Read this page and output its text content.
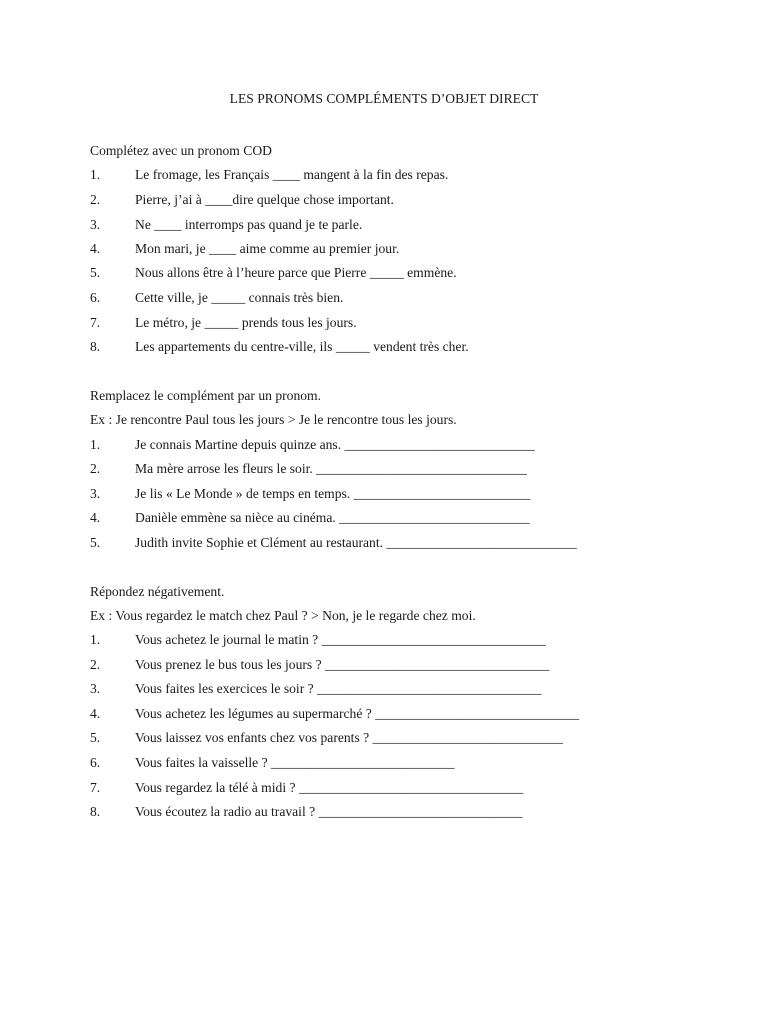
LES PRONOMS COMPLÉMENTS D’OBJET DIRECT
Complétez avec un pronom COD
1.	Le fromage, les Français ____ mangent à la fin des repas.
2.	Pierre, j’ai à ____dire quelque chose important.
3.	Ne ____ interromps pas quand je te parle.
4.	Mon mari, je ____ aime comme au premier jour.
5.	Nous allons être à l’heure parce que Pierre _____ emmène.
6.	Cette ville, je _____ connais très bien.
7.	Le métro, je _____ prends tous les jours.
8.	Les appartements du centre-ville, ils _____ vendent très cher.
Remplacez le complément par un pronom.
Ex : Je rencontre Paul tous les jours > Je le rencontre tous les jours.
1.	Je connais Martine depuis quinze ans. ____________________________
2.	Ma mère arrose les fleurs le soir. _______________________________
3.	Je lis « Le Monde » de temps en temps. __________________________
4.	Danièle emmène sa nièce au cinéma. ____________________________
5.	Judith invite Sophie et Clément au restaurant. ____________________________
Répondez négativement.
Ex : Vous regardez le match chez Paul ? > Non, je le regarde chez moi.
1.	Vous achetez le journal le matin ? _________________________________
2.	Vous prenez le bus tous les jours ? _________________________________
3.	Vous faites les exercices le soir ? _________________________________
4.	Vous achetez les légumes au supermarché ? ______________________________
5.	Vous laissez vos enfants chez vos parents ? ____________________________
6.	Vous faites la vaisselle ? ___________________________
7.	Vous regardez la télé à midi ? _________________________________
8.	Vous écoutez la radio au travail ? ______________________________
